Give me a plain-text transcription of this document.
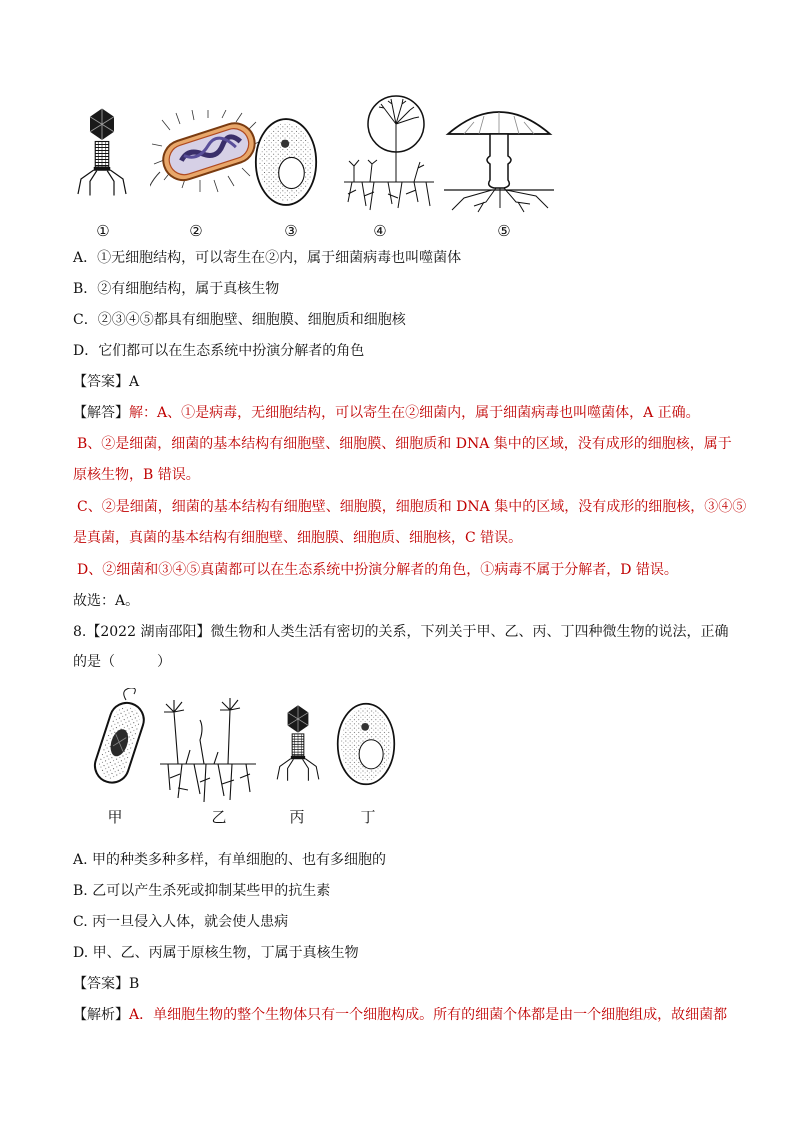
①	②	③	④	⑤
A．①无细胞结构，可以寄生在②内，属于细菌病毒也叫噬菌体
B．②有细胞结构，属于真核生物
C．②③④⑤都具有细胞壁、细胞膜、细胞质和细胞核
D．它们都可以在生态系统中扮演分解者的角色
【答案】A
【解答】解：A、①是病毒，无细胞结构，可以寄生在②细菌内，属于细菌病毒也叫噬菌体，A 正确。
B、②是细菌，细菌的基本结构有细胞壁、细胞膜、细胞质和 DNA 集中的区域，没有成形的细胞核，属于
原核生物，B 错误。
C、②是细菌，细菌的基本结构有细胞壁、细胞膜，细胞质和 DNA 集中的区域，没有成形的细胞核，③④⑤
是真菌，真菌的基本结构有细胞壁、细胞膜、细胞质、细胞核，C 错误。
D、②细菌和③④⑤真菌都可以在生态系统中扮演分解者的角色，①病毒不属于分解者，D 错误。
故选：A。
8.【2022 湖南邵阳】微生物和人类生活有密切的关系，下列关于甲、乙、丙、丁四种微生物的说法，正确
的是（　　　）
甲	乙	丙	丁
A. 甲的种类多种多样，有单细胞的、也有多细胞的
B. 乙可以产生杀死或抑制某些甲的抗生素
C. 丙一旦侵入人体，就会使人患病
D. 甲、乙、丙属于原核生物，丁属于真核生物
【答案】B
【解析】A．单细胞生物的整个生物体只有一个细胞构成。所有的细菌个体都是由一个细胞组成，故细菌都
